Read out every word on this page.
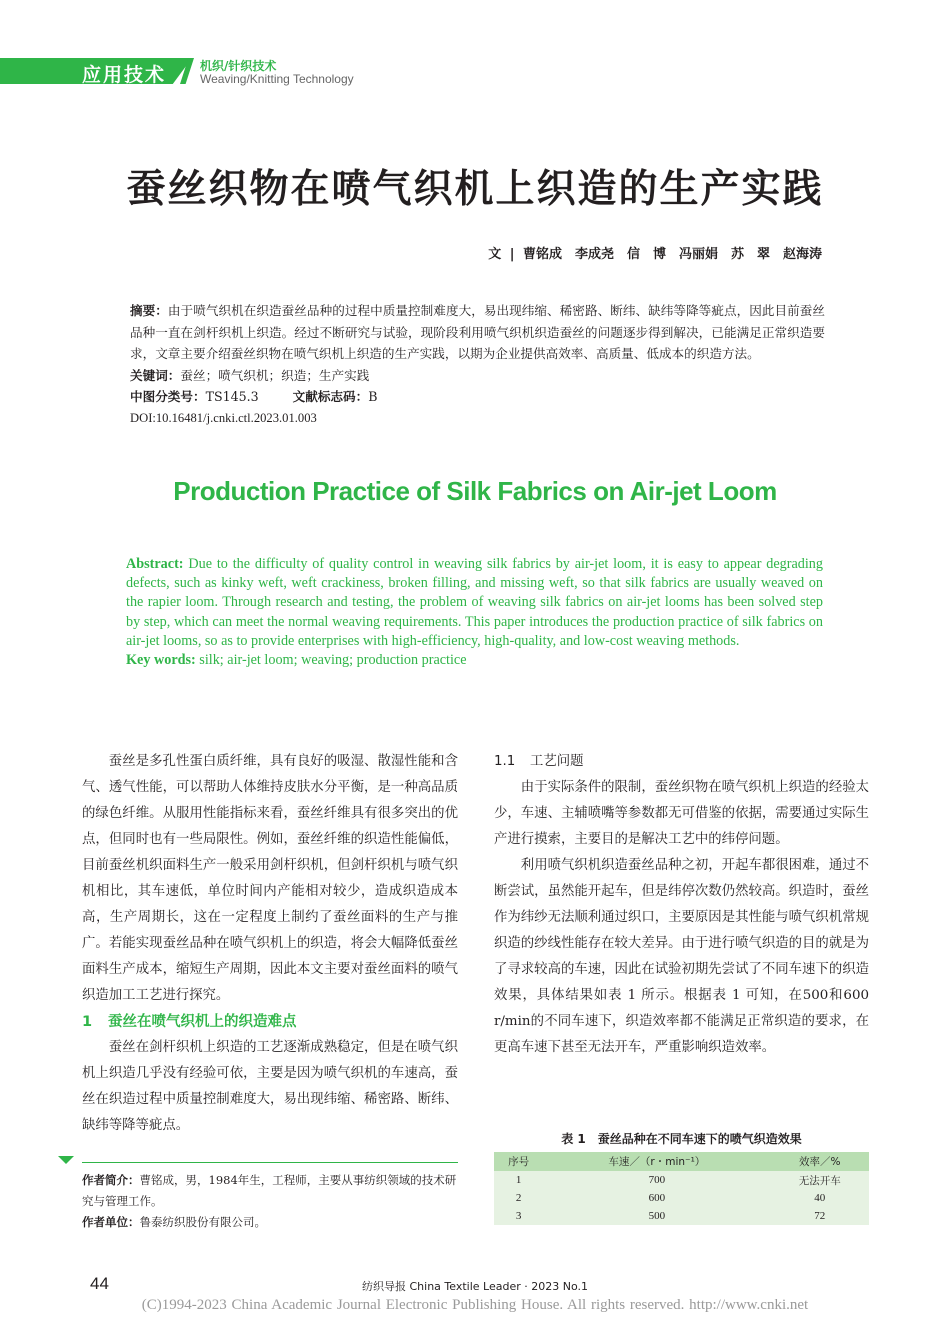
应用技术	机织/针织技术
Weaving/Knitting Technology
蚕丝织物在喷气织机上织造的生产实践
文 | 曹铭成　李成尧　信　博　冯丽娟　苏　翠　赵海涛
摘要：由于喷气织机在织造蚕丝品种的过程中质量控制难度大，易出现纬缩、稀密路、断纬、缺纬等降等疵点，因此目前蚕丝品种一直在剑杆织机上织造。经过不断研究与试验，现阶段利用喷气织机织造蚕丝的问题逐步得到解决，已能满足正常织造要求，文章主要介绍蚕丝织物在喷气织机上织造的生产实践，以期为企业提供高效率、高质量、低成本的织造方法。
关键词：蚕丝；喷气织机；织造；生产实践
中图分类号：TS145.3	文献标志码：B
DOI:10.16481/j.cnki.ctl.2023.01.003
Production Practice of Silk Fabrics on Air-jet Loom
Abstract: Due to the difficulty of quality control in weaving silk fabrics by air-jet loom, it is easy to appear degrading defects, such as kinky weft, weft crackiness, broken filling, and missing weft, so that silk fabrics are usually weaved on the rapier loom. Through research and testing, the problem of weaving silk fabrics on air-jet looms has been solved step by step, which can meet the normal weaving requirements. This paper introduces the production practice of silk fabrics on air-jet looms, so as to provide enterprises with high-efficiency, high-quality, and low-cost weaving methods.
Key words: silk; air-jet loom; weaving; production practice

蚕丝是多孔性蛋白质纤维，具有良好的吸湿、散湿性能和含气、透气性能，可以帮助人体维持皮肤水分平衡，是一种高品质的绿色纤维。从服用性能指标来看，蚕丝纤维具有很多突出的优点，但同时也有一些局限性。例如，蚕丝纤维的织造性能偏低，目前蚕丝机织面料生产一般采用剑杆织机，但剑杆织机与喷气织机相比，其车速低，单位时间内产能相对较少，造成织造成本高，生产周期长，这在一定程度上制约了蚕丝面料的生产与推广。若能实现蚕丝品种在喷气织机上的织造，将会大幅降低蚕丝面料生产成本，缩短生产周期，因此本文主要对蚕丝面料的喷气织造加工工艺进行探究。

1 蚕丝在喷气织机上的织造难点

蚕丝在剑杆织机上织造的工艺逐渐成熟稳定，但是在喷气织机上织造几乎没有经验可依，主要是因为喷气织机的车速高，蚕丝在织造过程中质量控制难度大，易出现纬缩、稀密路、断纬、缺纬等降等疵点。

作者简介：曹铭成，男，1984年生，工程师，主要从事纺织领域的技术研究与管理工作。
作者单位：鲁泰纺织股份有限公司。
1.1 工艺问题

由于实际条件的限制，蚕丝织物在喷气织机上织造的经验太少，车速、主辅喷嘴等参数都无可借鉴的依据，需要通过实际生产进行摸索，主要目的是解决工艺中的纬停问题。

利用喷气织机织造蚕丝品种之初，开起车都很困难，通过不断尝试，虽然能开起车，但是纬停次数仍然较高。织造时，蚕丝作为纬纱无法顺利通过织口，主要原因是其性能与喷气织机常规织造的纱线性能存在较大差异。由于进行喷气织造的目的就是为了寻求较高的车速，因此在试验初期先尝试了不同车速下的织造效果，具体结果如表 1 所示。根据表 1 可知，在500和600 r/min的不同车速下，织造效率都不能满足正常织造的要求，在更高车速下甚至无法开车，严重影响织造效率。

表 1　蚕丝品种在不同车速下的喷气织造效果
序号	车速／（r・min⁻¹）	效率／%
1	700	无法开车
2	600	40
3	500	72
44	纺织导报 China Textile Leader · 2023 No.1
(C)1994-2023 China Academic Journal Electronic Publishing House. All rights reserved. http://www.cnki.net
